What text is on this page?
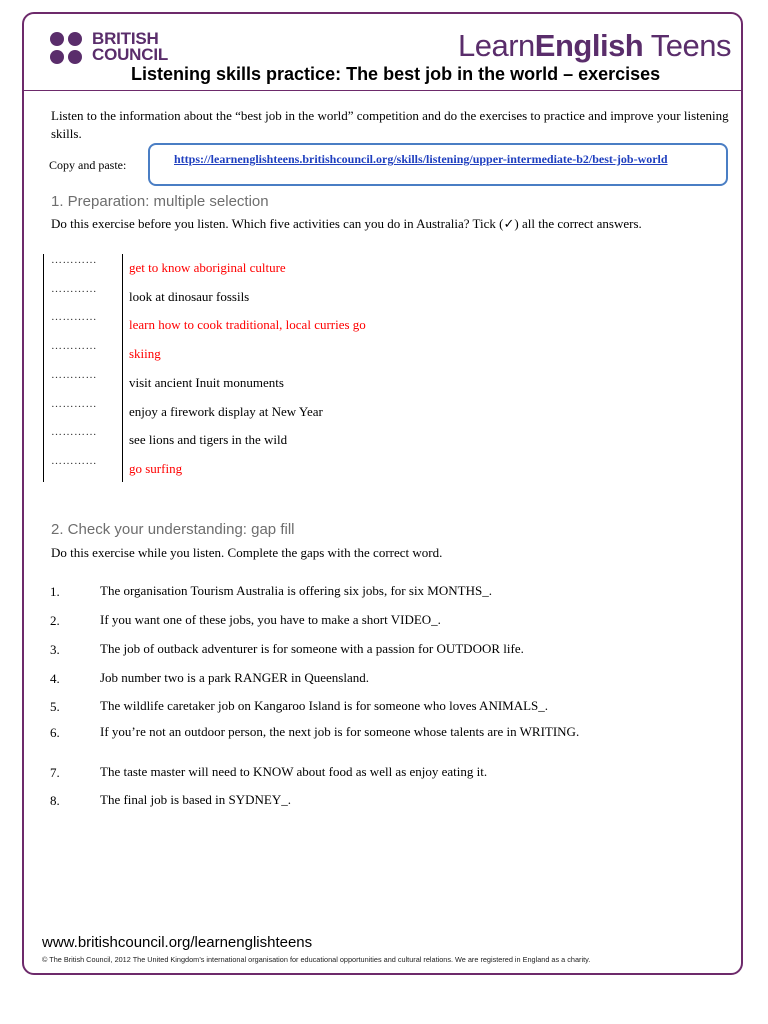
BRITISH
COUNCIL	LearnEnglish Teens
Listening skills practice: The best job in the world – exercises
Listen to the information about the “best job in the world” competition and do the exercises to practice and improve your listening skills.
Copy and paste:	https://learnenglishteens.britishcouncil.org/skills/listening/upper-intermediate-b2/best-job-world
1. Preparation: multiple selection
Do this exercise before you listen. Which five activities can you do in Australia? Tick (✓) all the correct answers.
………… get to know aboriginal culture
………… look at dinosaur fossils
………… learn how to cook traditional, local curries go
………… skiing
………… visit ancient Inuit monuments
………… enjoy a firework display at New Year
………… see lions and tigers in the wild
………… go surfing
2. Check your understanding: gap fill
Do this exercise while you listen. Complete the gaps with the correct word.
1.	The organisation Tourism Australia is offering six jobs, for six MONTHS_.
2.	If you want one of these jobs, you have to make a short VIDEO_.
3.	The job of outback adventurer is for someone with a passion for OUTDOOR life.
4.	Job number two is a park RANGER in Queensland.
5.	The wildlife caretaker job on Kangaroo Island is for someone who loves ANIMALS_.
6.	If you’re not an outdoor person, the next job is for someone whose talents are in WRITING.
7.	The taste master will need to KNOW about food as well as enjoy eating it.
8.	The final job is based in SYDNEY_.
www.britishcouncil.org/learnenglishteens
© The British Council, 2012 The United Kingdom’s international organisation for educational opportunities and cultural relations. We are registered in England as a charity.
